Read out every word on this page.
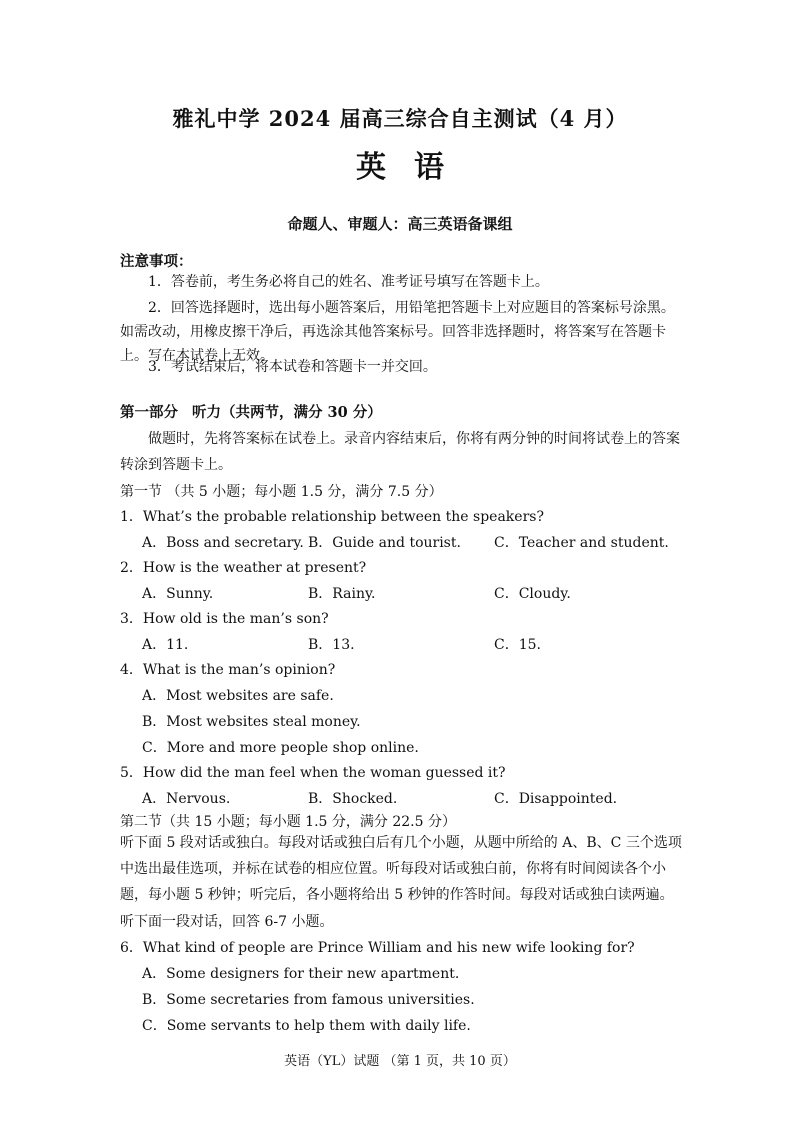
雅礼中学 2024 届高三综合自主测试（4 月）
英语
命题人、审题人：高三英语备课组
注意事项：
1．答卷前，考生务必将自己的姓名、准考证号填写在答题卡上。
2．回答选择题时，选出每小题答案后，用铅笔把答题卡上对应题目的答案标号涂黑。如需改动，用橡皮擦干净后，再选涂其他答案标号。回答非选择题时，将答案写在答题卡上。写在本试卷上无效。
3．考试结束后，将本试卷和答题卡一并交回。
第一部分 听力（共两节，满分 30 分）
做题时，先将答案标在试卷上。录音内容结束后，你将有两分钟的时间将试卷上的答案转涂到答题卡上。
第一节 （共 5 小题；每小题 1.5 分，满分 7.5 分）
1．What’s the probable relationship between the speakers?
A．Boss and secretary. B．Guide and tourist. C．Teacher and student.
2．How is the weather at present?
A．Sunny.	B．Rainy.	C．Cloudy.
3．How old is the man’s son?
A．11.	B．13.	C．15.
4．What is the man’s opinion?
A．Most websites are safe.
B．Most websites steal money.
C．More and more people shop online.
5．How did the man feel when the woman guessed it?
A．Nervous.	B．Shocked.	C．Disappointed.
第二节（共 15 小题；每小题 1.5 分，满分 22.5 分）
听下面 5 段对话或独白。每段对话或独白后有几个小题，从题中所给的 A、B、C 三个选项中选出最佳选项，并标在试卷的相应位置。听每段对话或独白前，你将有时间阅读各个小题，每小题 5 秒钟；听完后，各小题将给出 5 秒钟的作答时间。每段对话或独白读两遍。
听下面一段对话，回答 6-7 小题。
6．What kind of people are Prince William and his new wife looking for?
A．Some designers for their new apartment.
B．Some secretaries from famous universities.
C．Some servants to help them with daily life.
英语（YL）试题 （第 1 页，共 10 页）
